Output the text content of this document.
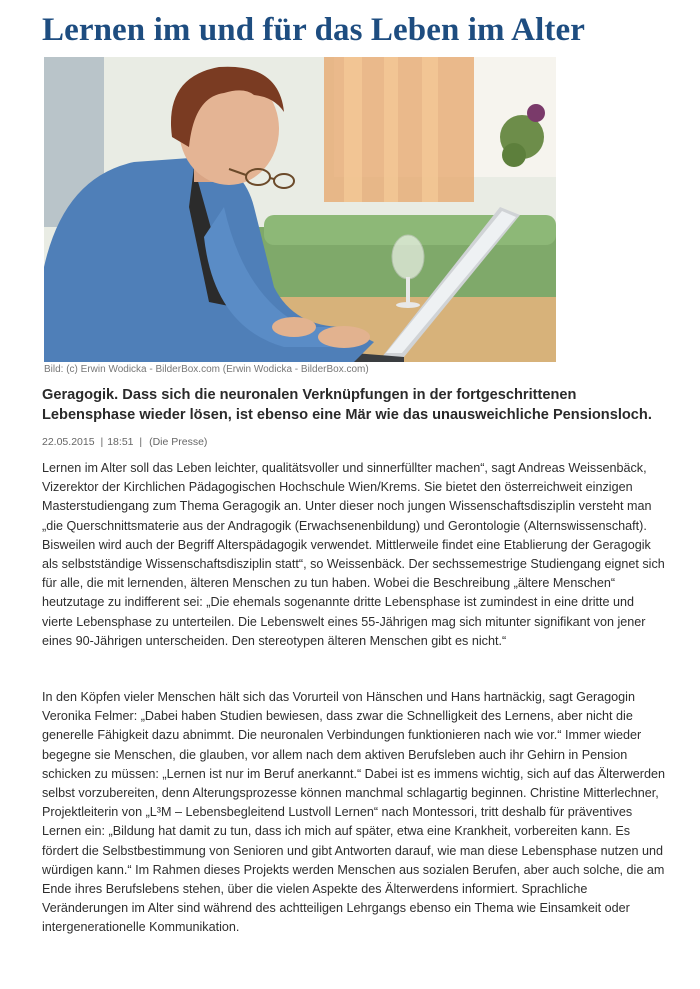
Lernen im und für das Leben im Alter
Bild: (c) Erwin Wodicka - BilderBox.com (Erwin Wodicka - BilderBox.com)

Geragogik. Dass sich die neuronalen Verknüpfungen in der fortgeschrittenen Lebensphase wieder lösen, ist ebenso eine Mär wie das unausweichliche Pensionsloch.

22.05.2015 | 18:51 | (Die Presse)

Lernen im Alter soll das Leben leichter, qualitätsvoller und sinnerfüllter machen“, sagt Andreas Weissenbäck, Vizerektor der Kirchlichen Pädagogischen Hochschule Wien/Krems. Sie bietet den österreichweit einzigen Masterstudiengang zum Thema Geragogik an. Unter dieser noch jungen Wissenschaftsdisziplin versteht man „die Querschnittsmaterie aus der Andragogik (Erwachsenenbildung) und Gerontologie (Alternswissenschaft). Bisweilen wird auch der Begriff Alterspädagogik verwendet. Mittlerweile findet eine Etablierung der Geragogik als selbstständige Wissenschaftsdisziplin statt“, so Weissenbäck. Der sechssemestrige Studiengang eignet sich für alle, die mit lernenden, älteren Menschen zu tun haben. Wobei die Beschreibung „ältere Menschen“ heutzutage zu indifferent sei: „Die ehemals sogenannte dritte Lebensphase ist zumindest in eine dritte und vierte Lebensphase zu unterteilen. Die Lebenswelt eines 55-Jährigen mag sich mitunter signifikant von jener eines 90-Jährigen unterscheiden. Den stereotypen älteren Menschen gibt es nicht.“

In den Köpfen vieler Menschen hält sich das Vorurteil von Hänschen und Hans hartnäckig, sagt Geragogin Veronika Felmer: „Dabei haben Studien bewiesen, dass zwar die Schnelligkeit des Lernens, aber nicht die generelle Fähigkeit dazu abnimmt. Die neuronalen Verbindungen funktionieren nach wie vor.“ Immer wieder begegne sie Menschen, die glauben, vor allem nach dem aktiven Berufsleben auch ihr Gehirn in Pension schicken zu müssen: „Lernen ist nur im Beruf anerkannt.“ Dabei ist es immens wichtig, sich auf das Älterwerden selbst vorzubereiten, denn Alterungsprozesse können manchmal schlagartig beginnen. Christine Mitterlechner, Projektleiterin von „L³M – Lebensbegleitend Lustvoll Lernen“ nach Montessori, tritt deshalb für präventives Lernen ein: „Bildung hat damit zu tun, dass ich mich auf später, etwa eine Krankheit, vorbereiten kann. Es fördert die Selbstbestimmung von Senioren und gibt Antworten darauf, wie man diese Lebensphase nutzen und würdigen kann.“ Im Rahmen dieses Projekts werden Menschen aus sozialen Berufen, aber auch solche, die am Ende ihres Berufslebens stehen, über die vielen Aspekte des Älterwerdens informiert. Sprachliche Veränderungen im Alter sind während des achtteiligen Lehrgangs ebenso ein Thema wie Einsamkeit oder intergenerationelle Kommunikation.
